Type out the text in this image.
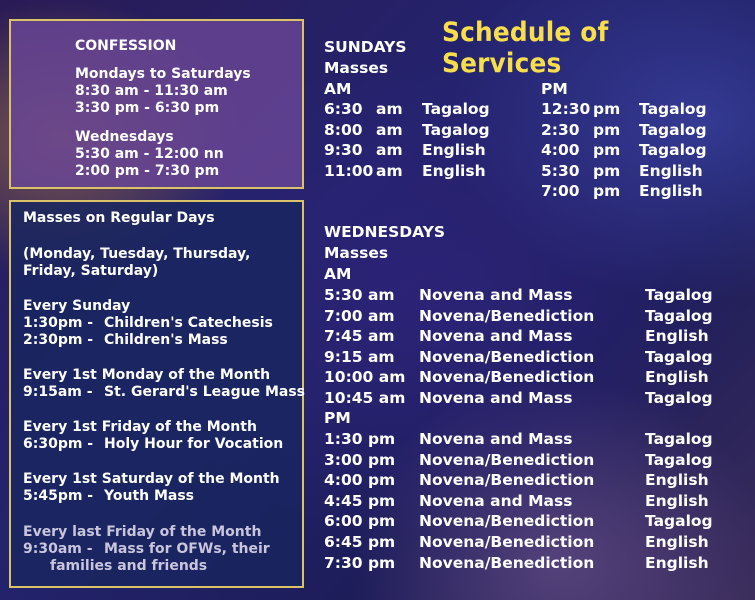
CONFESSION
Mondays to Saturdays
8:30 am - 11:30 am
3:30 pm - 6:30 pm
Wednesdays
5:30 am - 12:00 nn
2:00 pm - 7:30 pm
Masses on Regular Days
(Monday, Tuesday, Thursday,
Friday, Saturday)
Every Sunday
1:30pm - Children's Catechesis
2:30pm - Children's Mass
Every 1st Monday of the Month
9:15am - St. Gerard's League Mass
Every 1st Friday of the Month
6:30pm - Holy Hour for Vocation
Every 1st Saturday of the Month
5:45pm - Youth Mass
Every last Friday of the Month
9:30am - Mass for OFWs, their
families and friends
Schedule of Services
SUNDAYS
Masses
AM	PM
6:30 am Tagalog
8:00 am Tagalog
9:30 am English
11:00 am English
12:30 pm Tagalog
2:30 pm Tagalog
4:00 pm Tagalog
5:30 pm English
7:00 pm English
WEDNESDAYS
Masses
AM
PM
5:30 am Novena and Mass	Tagalog
7:00 am Novena/Benediction	Tagalog
7:45 am Novena and Mass	English
9:15 am Novena/Benediction	Tagalog
10:00 am Novena/Benediction	English
10:45 am Novena and Mass	Tagalog
1:30 pm Novena and Mass	Tagalog
3:00 pm Novena/Benediction	Tagalog
4:00 pm Novena/Benediction	English
4:45 pm Novena and Mass	English
6:00 pm Novena/Benediction	Tagalog
6:45 pm Novena/Benediction	English
7:30 pm Novena/Benediction	English
